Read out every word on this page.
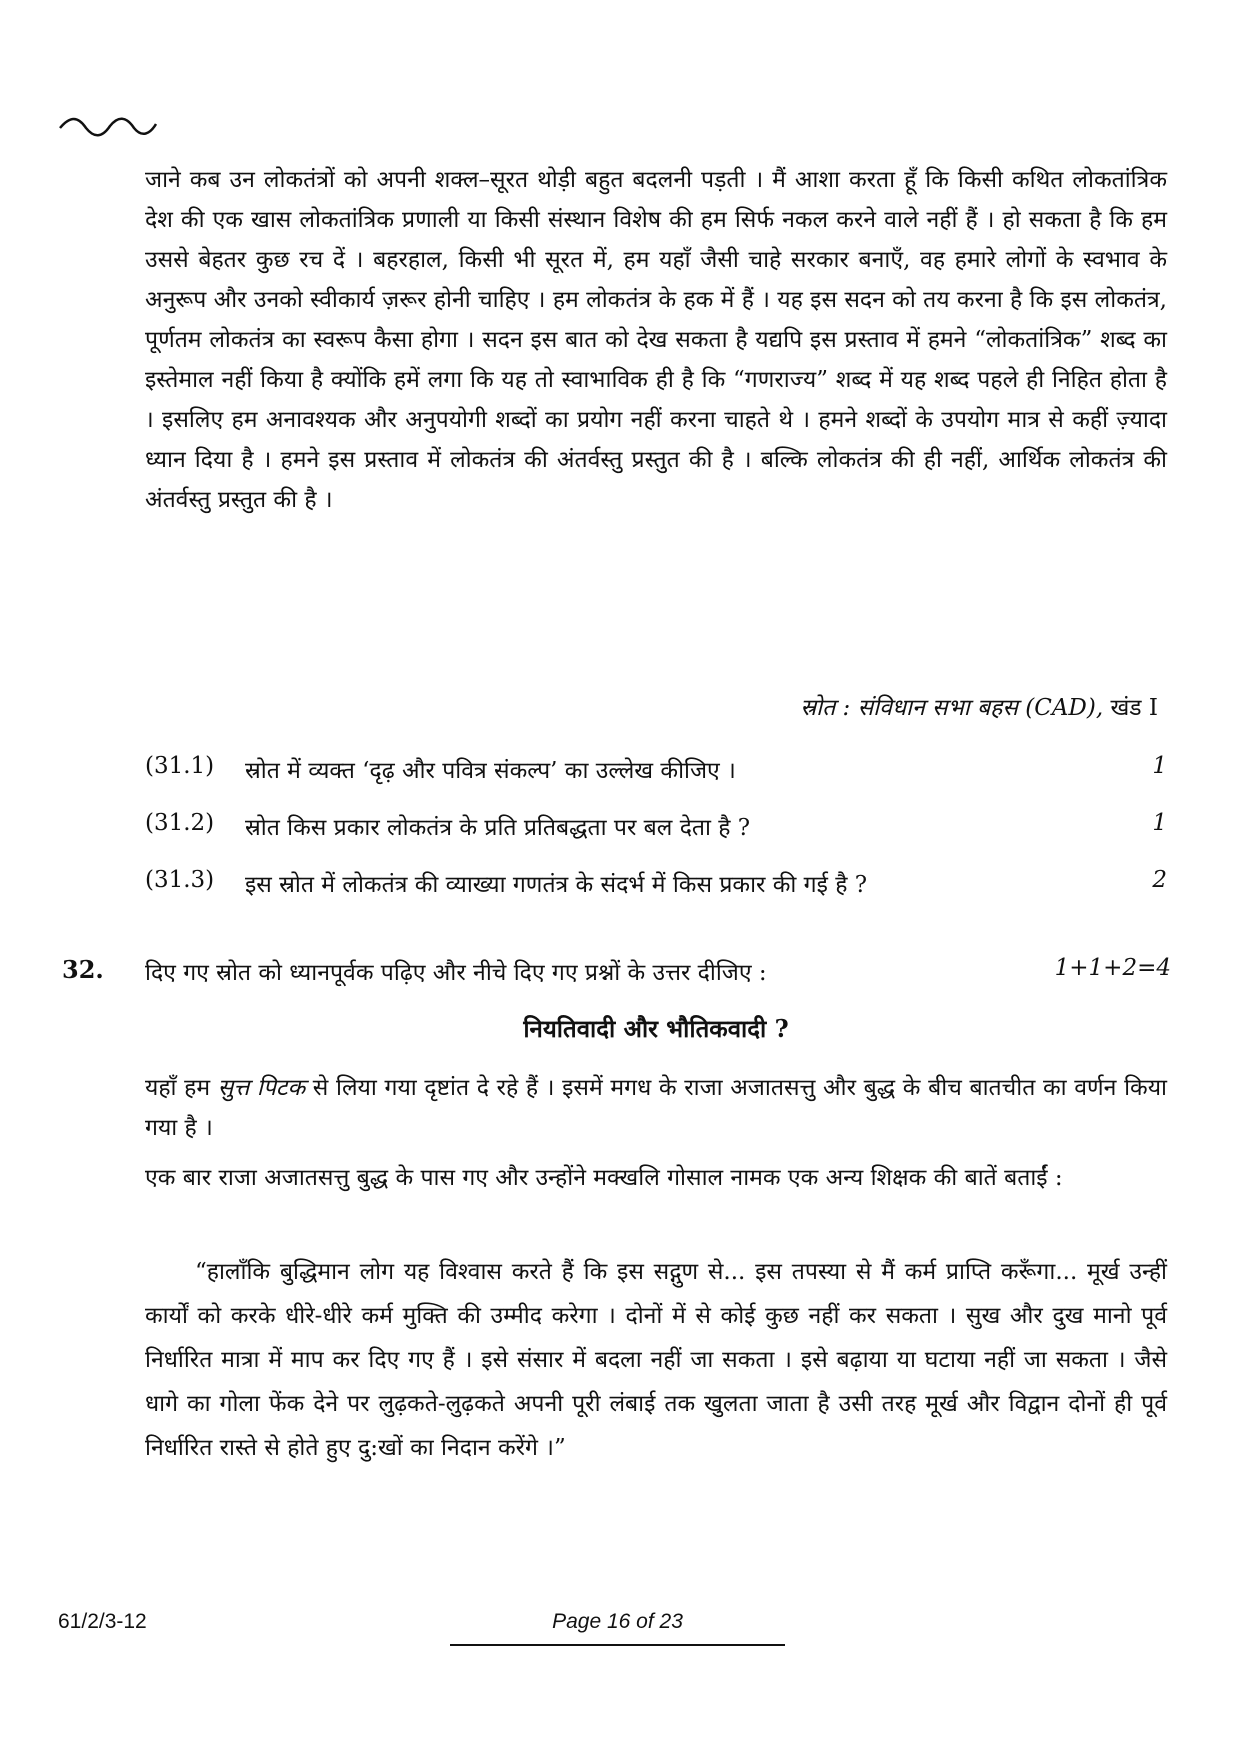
जाने कब उन लोकतंत्रों को अपनी शक्ल–सूरत थोड़ी बहुत बदलनी पड़ती । मैं आशा करता हूँ कि किसी कथित लोकतांत्रिक देश की एक खास लोकतांत्रिक प्रणाली या किसी संस्थान विशेष की हम सिर्फ नकल करने वाले नहीं हैं । हो सकता है कि हम उससे बेहतर कुछ रच दें । बहरहाल, किसी भी सूरत में, हम यहाँ जैसी चाहे सरकार बनाएँ, वह हमारे लोगों के स्वभाव के अनुरूप और उनको स्वीकार्य ज़रूर होनी चाहिए । हम लोकतंत्र के हक में हैं । यह इस सदन को तय करना है कि इस लोकतंत्र, पूर्णतम लोकतंत्र का स्वरूप कैसा होगा । सदन इस बात को देख सकता है यद्यपि इस प्रस्ताव में हमने “लोकतांत्रिक” शब्द का इस्तेमाल नहीं किया है क्योंकि हमें लगा कि यह तो स्वाभाविक ही है कि “गणराज्य” शब्द में यह शब्द पहले ही निहित होता है । इसलिए हम अनावश्यक और अनुपयोगी शब्दों का प्रयोग नहीं करना चाहते थे । हमने शब्दों के उपयोग मात्र से कहीं ज़्यादा ध्यान दिया है । हमने इस प्रस्ताव में लोकतंत्र की अंतर्वस्तु प्रस्तुत की है । बल्कि लोकतंत्र की ही नहीं, आर्थिक लोकतंत्र की अंतर्वस्तु प्रस्तुत की है ।

स्रोत : संविधान सभा बहस (CAD), खंड I
(31.1) स्रोत में व्यक्त ‘दृढ़ और पवित्र संकल्प’ का उल्लेख कीजिए ।	1
(31.2) स्रोत किस प्रकार लोकतंत्र के प्रति प्रतिबद्धता पर बल देता है ?	1
(31.3) इस स्रोत में लोकतंत्र की व्याख्या गणतंत्र के संदर्भ में किस प्रकार की गई है ?	2
32. दिए गए स्रोत को ध्यानपूर्वक पढ़िए और नीचे दिए गए प्रश्नों के उत्तर दीजिए :	1+1+2=4
नियतिवादी और भौतिकवादी ?

यहाँ हम सुत्त पिटक से लिया गया दृष्टांत दे रहे हैं । इसमें मगध के राजा अजातसत्तु और बुद्ध के बीच बातचीत का वर्णन किया गया है ।

एक बार राजा अजातसत्तु बुद्ध के पास गए और उन्होंने मक्खलि गोसाल नामक एक अन्य शिक्षक की बातें बताईं :

“हालाँकि बुद्धिमान लोग यह विश्वास करते हैं कि इस सद्गुण से... इस तपस्या से मैं कर्म प्राप्ति करूँगा... मूर्ख उन्हीं कार्यों को करके धीरे-धीरे कर्म मुक्ति की उम्मीद करेगा । दोनों में से कोई कुछ नहीं कर सकता । सुख और दुख मानो पूर्व निर्धारित मात्रा में माप कर दिए गए हैं । इसे संसार में बदला नहीं जा सकता । इसे बढ़ाया या घटाया नहीं जा सकता । जैसे धागे का गोला फेंक देने पर लुढ़कते-लुढ़कते अपनी पूरी लंबाई तक खुलता जाता है उसी तरह मूर्ख और विद्वान दोनों ही पूर्व निर्धारित रास्ते से होते हुए दु:खों का निदान करेंगे ।”

61/2/3-12	Page 16 of 23
